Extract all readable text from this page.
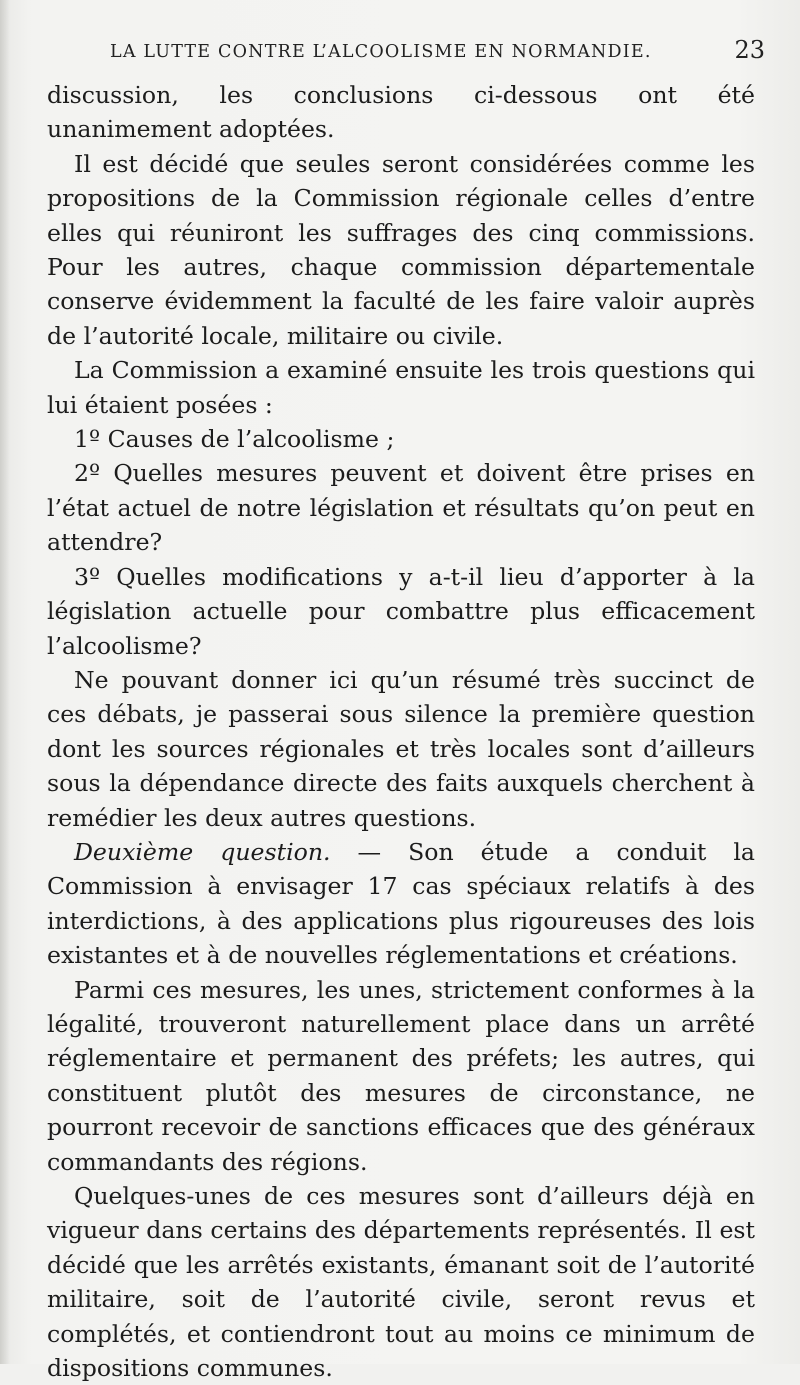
LA LUTTE CONTRE L’ALCOOLISME EN NORMANDIE.	23

discussion, les conclusions ci-dessous ont été unanimement adoptées.

Il est décidé que seules seront considérées comme les propositions de la Commission régionale celles d’entre elles qui réuniront les suffrages des cinq commissions. Pour les autres, chaque commission départementale conserve évidemment la faculté de les faire valoir auprès de l’autorité locale, militaire ou civile.

La Commission a examiné ensuite les trois questions qui lui étaient posées :

1º Causes de l’alcoolisme ;

2º Quelles mesures peuvent et doivent être prises en l’état actuel de notre législation et résultats qu’on peut en attendre?

3º Quelles modifications y a-t-il lieu d’apporter à la législation actuelle pour combattre plus efficacement l’alcoolisme?

Ne pouvant donner ici qu’un résumé très succinct de ces débats, je passerai sous silence la première question dont les sources régionales et très locales sont d’ailleurs sous la dépendance directe des faits auxquels cherchent à remédier les deux autres questions.

Deuxième question. — Son étude a conduit la Commission à envisager 17 cas spéciaux relatifs à des interdictions, à des applications plus rigoureuses des lois existantes et à de nouvelles réglementations et créations.

Parmi ces mesures, les unes, strictement conformes à la légalité, trouveront naturellement place dans un arrêté réglementaire et permanent des préfets; les autres, qui constituent plutôt des mesures de circonstance, ne pourront recevoir de sanctions efficaces que des généraux commandants des régions.

Quelques-unes de ces mesures sont d’ailleurs déjà en vigueur dans certains des départements représentés. Il est décidé que les arrêtés existants, émanant soit de l’autorité militaire, soit de l’autorité civile, seront revus et complétés, et contiendront tout au moins ce minimum de dispositions communes.
